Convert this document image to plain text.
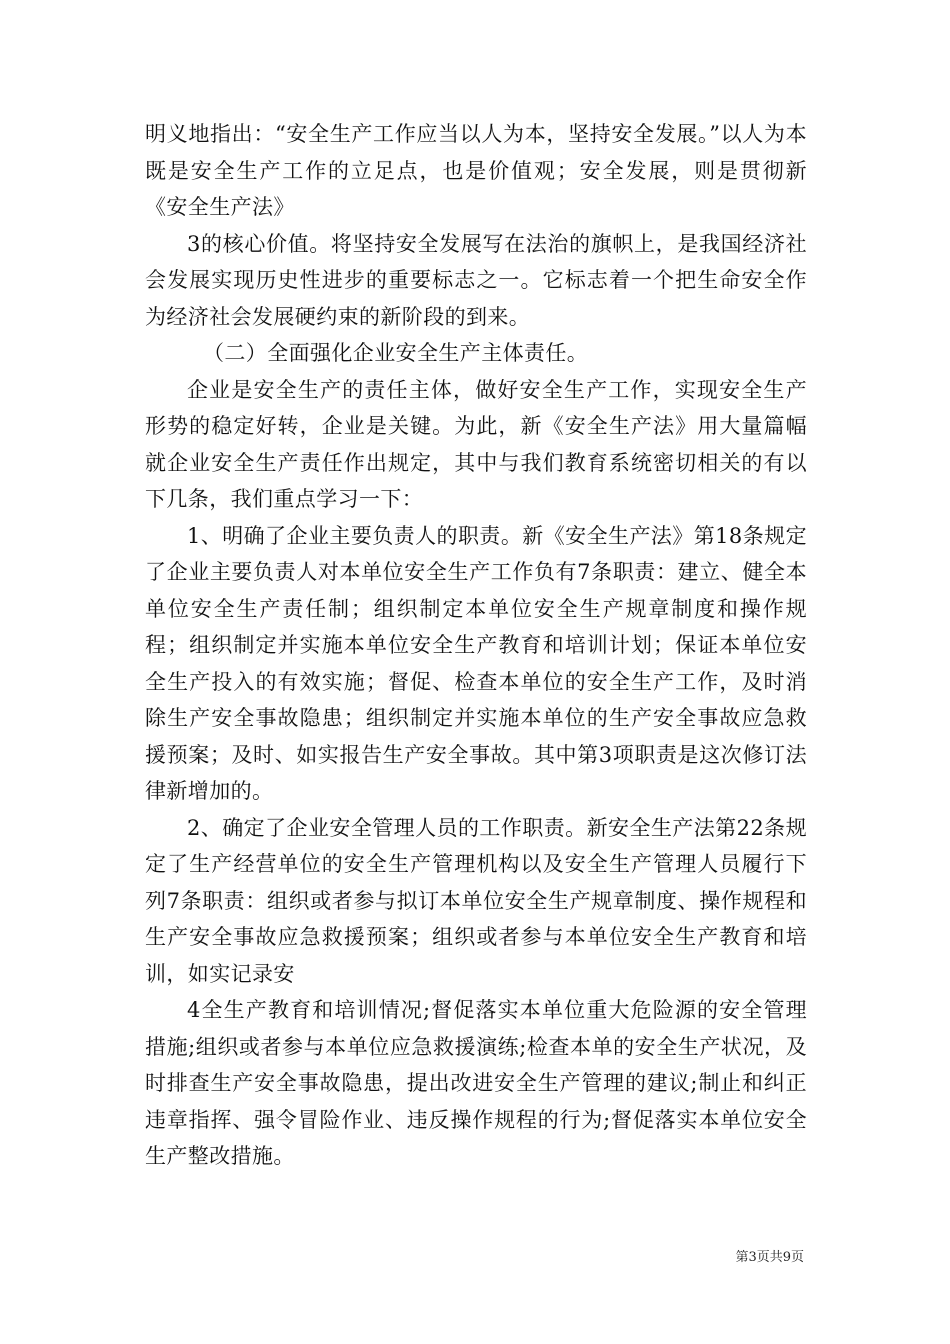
明义地指出：“安全生产工作应当以人为本，坚持安全发展。”以人为本既是安全生产工作的立足点，也是价值观；安全发展，则是贯彻新《安全生产法》

3的核心价值。将坚持安全发展写在法治的旗帜上，是我国经济社会发展实现历史性进步的重要标志之一。它标志着一个把生命安全作为经济社会发展硬约束的新阶段的到来。

（二）全面强化企业安全生产主体责任。

企业是安全生产的责任主体，做好安全生产工作，实现安全生产形势的稳定好转，企业是关键。为此，新《安全生产法》用大量篇幅就企业安全生产责任作出规定，其中与我们教育系统密切相关的有以下几条，我们重点学习一下：

1、明确了企业主要负责人的职责。新《安全生产法》第18条规定了企业主要负责人对本单位安全生产工作负有7条职责：建立、健全本单位安全生产责任制；组织制定本单位安全生产规章制度和操作规程；组织制定并实施本单位安全生产教育和培训计划；保证本单位安全生产投入的有效实施；督促、检查本单位的安全生产工作，及时消除生产安全事故隐患；组织制定并实施本单位的生产安全事故应急救援预案；及时、如实报告生产安全事故。其中第3项职责是这次修订法律新增加的。

2、确定了企业安全管理人员的工作职责。新安全生产法第22条规定了生产经营单位的安全生产管理机构以及安全生产管理人员履行下列7条职责：组织或者参与拟订本单位安全生产规章制度、操作规程和生产安全事故应急救援预案；组织或者参与本单位安全生产教育和培训，如实记录安

4全生产教育和培训情况;督促落实本单位重大危险源的安全管理措施;组织或者参与本单位应急救援演练;检查本单的安全生产状况，及时排查生产安全事故隐患，提出改进安全生产管理的建议;制止和纠正违章指挥、强令冒险作业、违反操作规程的行为;督促落实本单位安全生产整改措施。

第3页共9页
